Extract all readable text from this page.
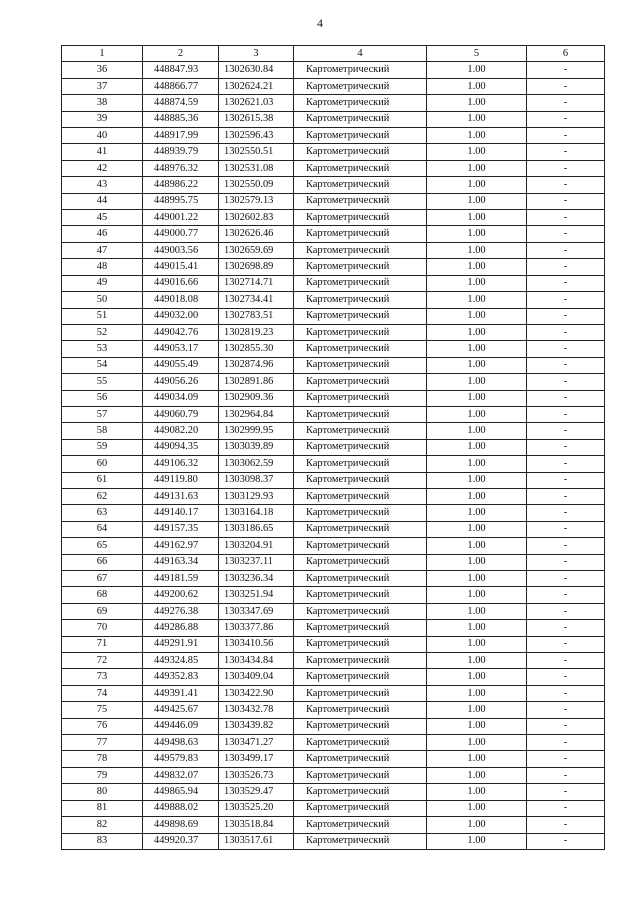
4
1	2	3	4	5	6
36	448847.93	1302630.84	Картометрический	1.00	-
37	448866.77	1302624.21	Картометрический	1.00	-
38	448874.59	1302621.03	Картометрический	1.00	-
39	448885.36	1302615.38	Картометрический	1.00	-
40	448917.99	1302596.43	Картометрический	1.00	-
41	448939.79	1302550.51	Картометрический	1.00	-
42	448976.32	1302531.08	Картометрический	1.00	-
43	448986.22	1302550.09	Картометрический	1.00	-
44	448995.75	1302579.13	Картометрический	1.00	-
45	449001.22	1302602.83	Картометрический	1.00	-
46	449000.77	1302626.46	Картометрический	1.00	-
47	449003.56	1302659.69	Картометрический	1.00	-
48	449015.41	1302698.89	Картометрический	1.00	-
49	449016.66	1302714.71	Картометрический	1.00	-
50	449018.08	1302734.41	Картометрический	1.00	-
51	449032.00	1302783.51	Картометрический	1.00	-
52	449042.76	1302819.23	Картометрический	1.00	-
53	449053.17	1302855.30	Картометрический	1.00	-
54	449055.49	1302874.96	Картометрический	1.00	-
55	449056.26	1302891.86	Картометрический	1.00	-
56	449034.09	1302909.36	Картометрический	1.00	-
57	449060.79	1302964.84	Картометрический	1.00	-
58	449082.20	1302999.95	Картометрический	1.00	-
59	449094.35	1303039.89	Картометрический	1.00	-
60	449106.32	1303062.59	Картометрический	1.00	-
61	449119.80	1303098.37	Картометрический	1.00	-
62	449131.63	1303129.93	Картометрический	1.00	-
63	449140.17	1303164.18	Картометрический	1.00	-
64	449157.35	1303186.65	Картометрический	1.00	-
65	449162.97	1303204.91	Картометрический	1.00	-
66	449163.34	1303237.11	Картометрический	1.00	-
67	449181.59	1303236.34	Картометрический	1.00	-
68	449200.62	1303251.94	Картометрический	1.00	-
69	449276.38	1303347.69	Картометрический	1.00	-
70	449286.88	1303377.86	Картометрический	1.00	-
71	449291.91	1303410.56	Картометрический	1.00	-
72	449324.85	1303434.84	Картометрический	1.00	-
73	449352.83	1303409.04	Картометрический	1.00	-
74	449391.41	1303422.90	Картометрический	1.00	-
75	449425.67	1303432.78	Картометрический	1.00	-
76	449446.09	1303439.82	Картометрический	1.00	-
77	449498.63	1303471.27	Картометрический	1.00	-
78	449579.83	1303499.17	Картометрический	1.00	-
79	449832.07	1303526.73	Картометрический	1.00	-
80	449865.94	1303529.47	Картометрический	1.00	-
81	449888.02	1303525.20	Картометрический	1.00	-
82	449898.69	1303518.84	Картометрический	1.00	-
83	449920.37	1303517.61	Картометрический	1.00	-
